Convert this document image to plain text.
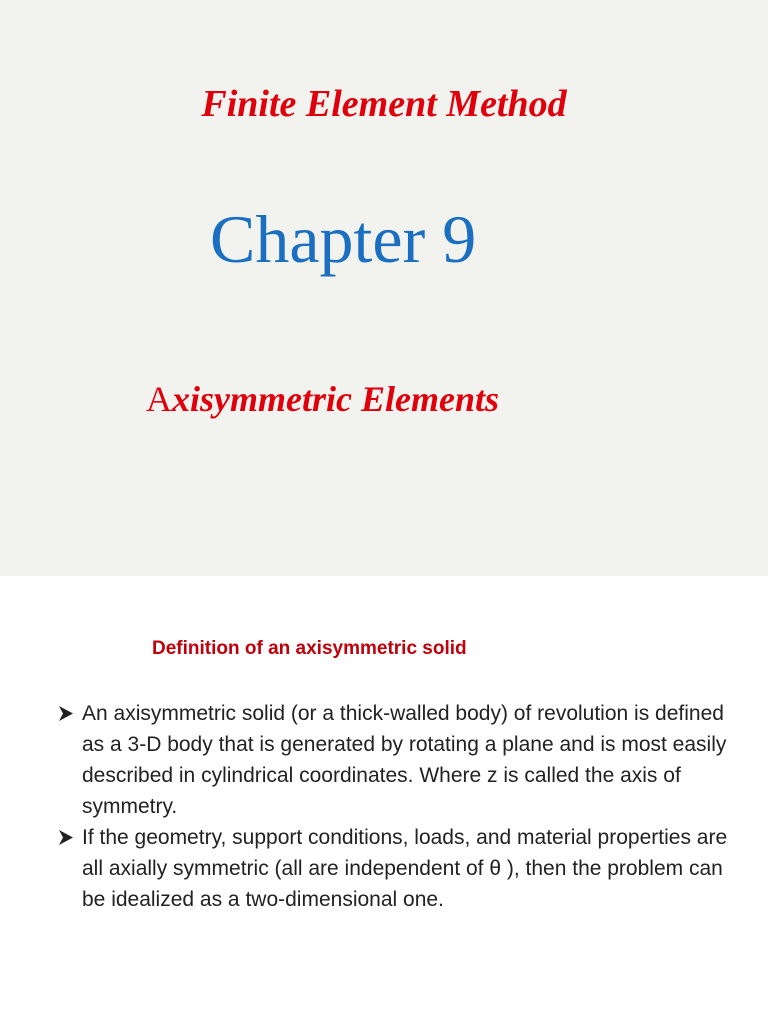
Finite Element Method
Chapter 9
Axisymmetric Elements
Definition of an axisymmetric solid
An axisymmetric solid (or a thick-walled body) of revolution is defined as a 3-D body that is generated by rotating a plane and is most easily described in cylindrical coordinates. Where z is called the axis of symmetry.
If the geometry, support conditions, loads, and material properties are all axially symmetric (all are independent of θ ), then the problem can be idealized as a two-dimensional one.
